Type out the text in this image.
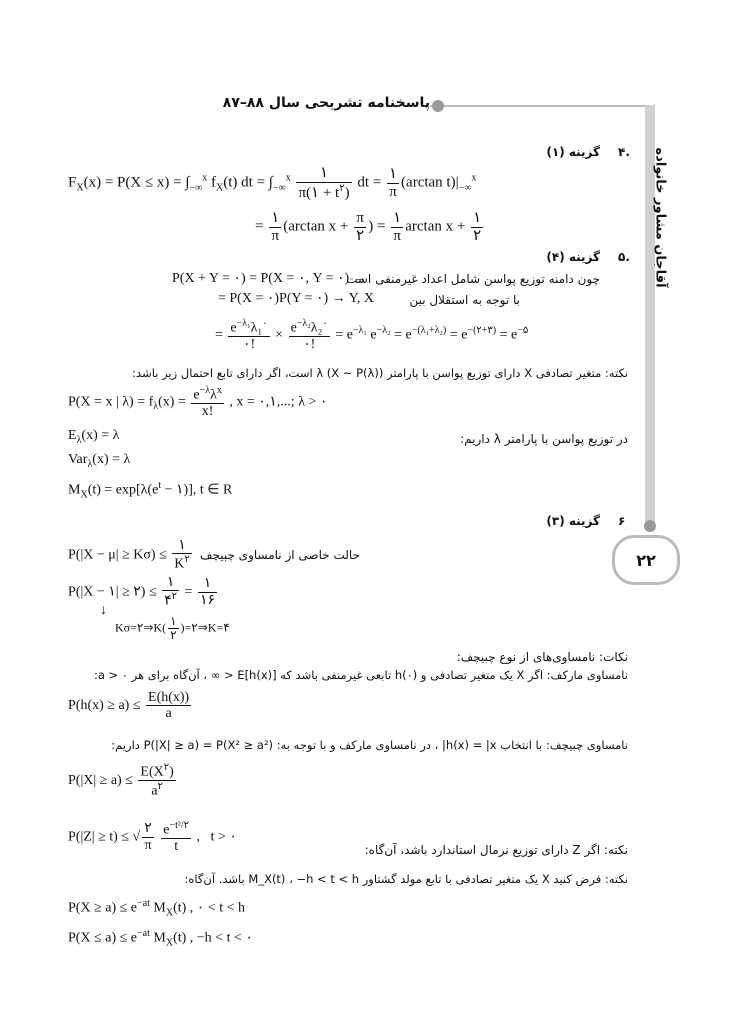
پاسخنامه تشریحی سال ۸۸–۸۷
آقاجان مشاور خانواده
۲۲
۴.
گزینه (۱)
$F_X(x) = P(X \le x) = \int_{-\infty}^x$ $f_X(t)$ dt = $\int_{-\infty}^x \frac{۱}{\pi(۱ + t^۲)}$ dt = $\frac{۱}{\pi} (\arctan$ $t)|_{-\infty}^x$
= $\frac{۱}{\pi} (\arctan$ $x + \frac{\pi}{۲}$ ) = $\frac{۱}{\pi}$ $\arctan x + \frac{۱}{۲}$
۵.
گزینه (۴)
چون دامنه توزیع پواسن شامل اعداد غیرمنفی است
P(X + Y = ۰) = P(X = ۰, Y = ۰) →
با توجه به استقلال بین
= P(X = ۰)P(Y = ۰) → Y, X
= $\frac{e^{-\lambda_1}\lambda_1^۰}{۰!} \times \frac{e^{-\lambda_2}\lambda_2^۰}{۰!} = e^{-\lambda_1}$ $e^{-\lambda_2} = e^{-(\lambda_1+\lambda_2)} = e^{-(۲+۳)} = e^{-۵}$
نکته: متغیر تصادفی X دارای توزیع پواسن با پارامتر λ (X ~ P(λ)) است، اگر دارای تابع احتمال زیر باشد:
P(X = x | $\lambda) = f_\lambda(x) = \frac{e^{-\lambda}\lambda^x}{x!}$ , x = ۰,۱,...; λ > ۰
$E_\lambda(x) = \lambda$	در توزیع پواسن با پارامتر λ داریم:
Var$_\lambda$(x) = λ
$M_X(t) = \exp[\lambda(e^t$ − ۱)], t ∈ R
۶
گزینه (۳)
$P(|X - \mu| \ge K\sigma) \le \frac{۱}{K^۲}$ حالت خاصی از نامساوی چبیچف
P(|X − ۱| ≥ ۲) ≤ $\frac{۱}{۴^۲} = \frac{۱}{۱۶}$
↓
Kσ=۲⇒K( $\frac{۱}{۲}$ )=۲⇒K=۴
نکات: نامساوی‌های از نوع چبیچف:
نامساوی مارکف: اگر X یک متغیر تصادفی و h(۰) تابعی غیرمنفی باشد که E[h(x)] < ∞ ، آن‌گاه برای هر a > ۰:
$P(h(x) \ge a) \le \frac{E(h(x))}{a}$
نامساوی چبیچف: با انتخاب h(x) = |x| ، در نامساوی مارکف و با توجه به: P(|X| ≥ a) = P(X² ≥ a²) داریم:
$P(|X| \ge a) \le \frac{E(X^۲)}{a^۲}$
P(|Z| ≥ t) ≤ √ $\frac{۲}{\pi}$
$\frac{e^{-t^2/۲}}{t}$ ,   t > ۰
نکته: اگر Z دارای توزیع نرمال استاندارد باشد، آن‌گاه:
نکته: فرض کنید X یک متغیر تصادفی با تابع مولد گشتاور M_X(t) ، −h < t < h باشد. آن‌گاه:
$P(X \ge a) \le e^{-at}$ $M_X(t)$ , ۰ < t < h
$P(X \le a) \le e^{-at}$ $M_X(t)$ , −h < t < ۰
